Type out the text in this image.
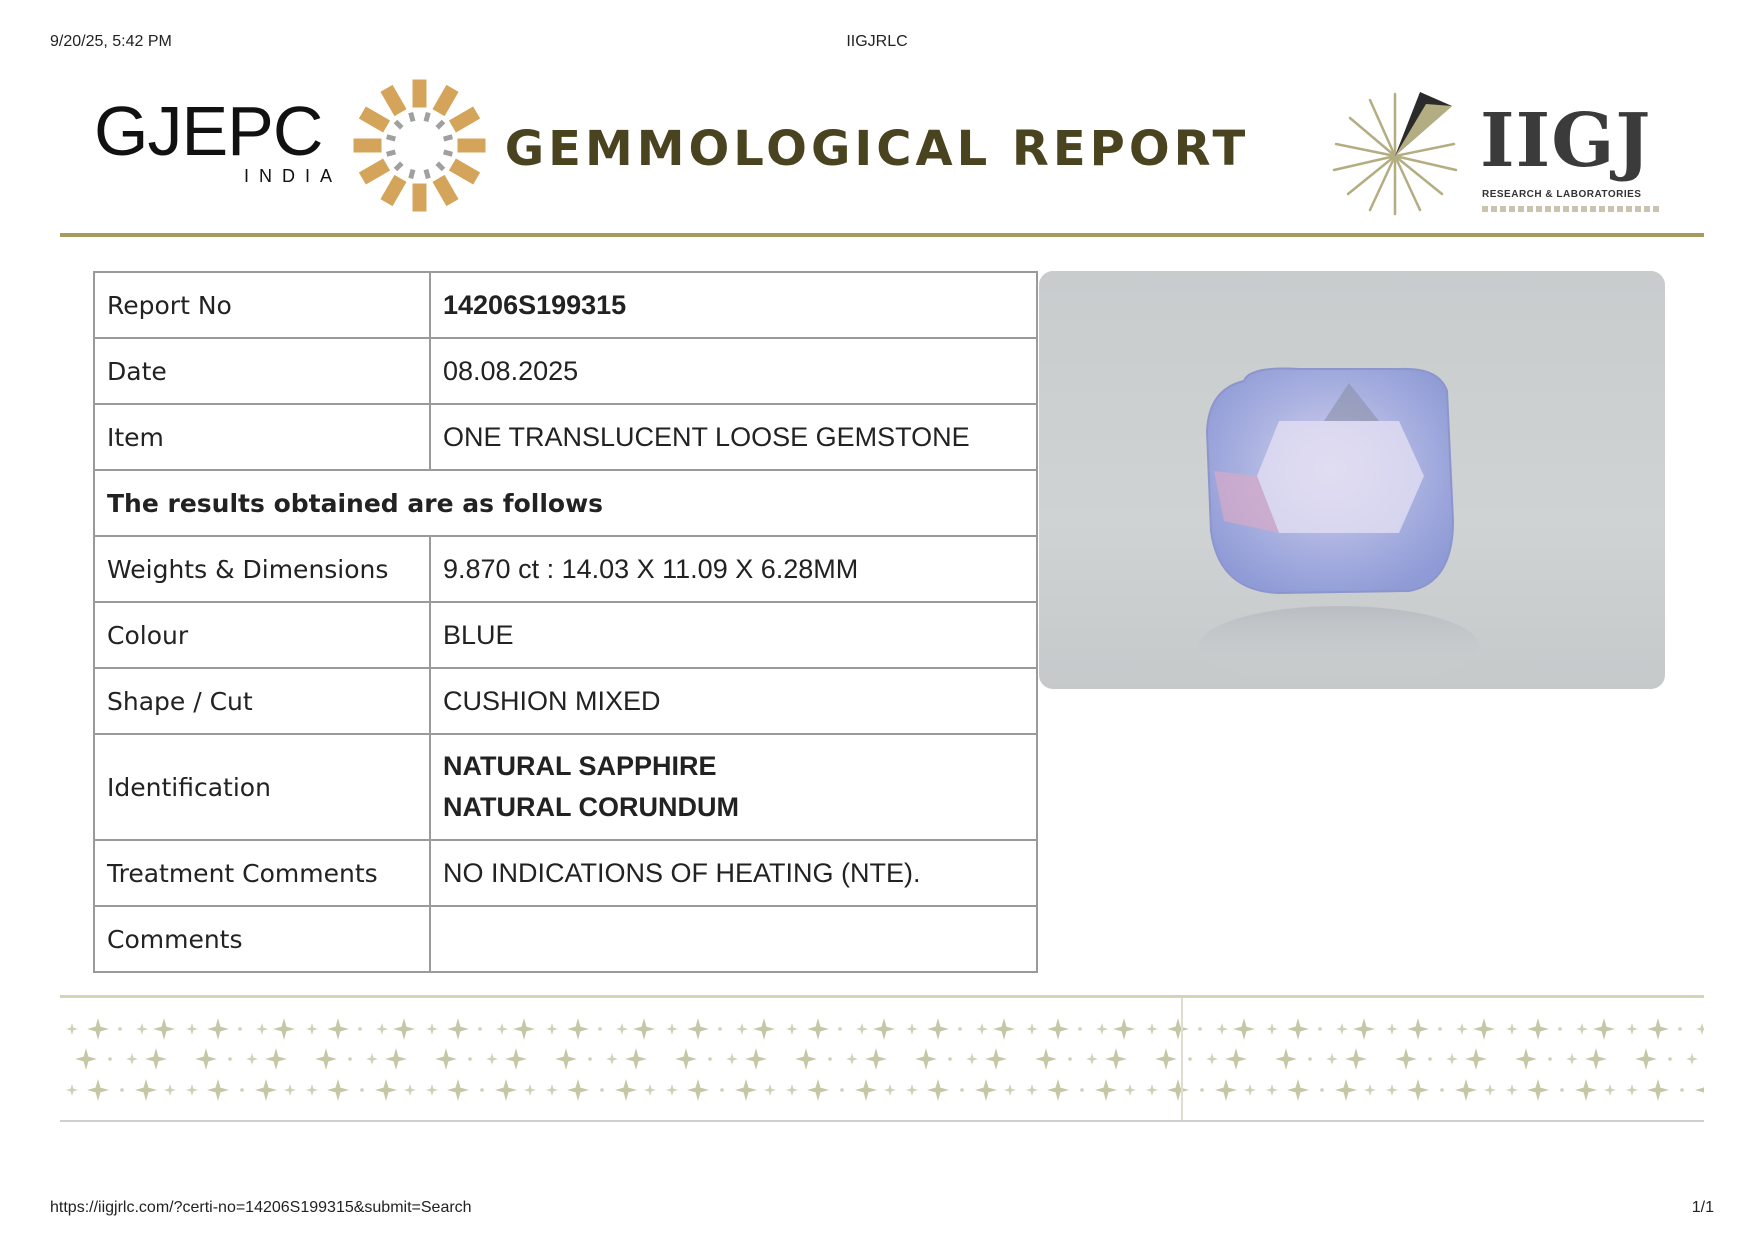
9/20/25, 5:42 PM	IIGJRLC
GJEPC
INDIA	GEMMOLOGICAL REPORT	IIGJ
RESEARCH & LABORATORIES
Report No	14206S199315
Date	08.08.2025
Item	ONE TRANSLUCENT LOOSE GEMSTONE
The results obtained are as follows	
Weights & Dimensions	9.870 ct : 14.03 X 11.09 X 6.28MM
Colour	BLUE
Shape / Cut	CUSHION MIXED
Identification	NATURAL SAPPHIRE
NATURAL CORUNDUM

Treatment Comments	NO INDICATIONS OF HEATING (NTE).
Comments	
https://iigjrlc.com/?certi-no=14206S199315&submit=Search	1/1
